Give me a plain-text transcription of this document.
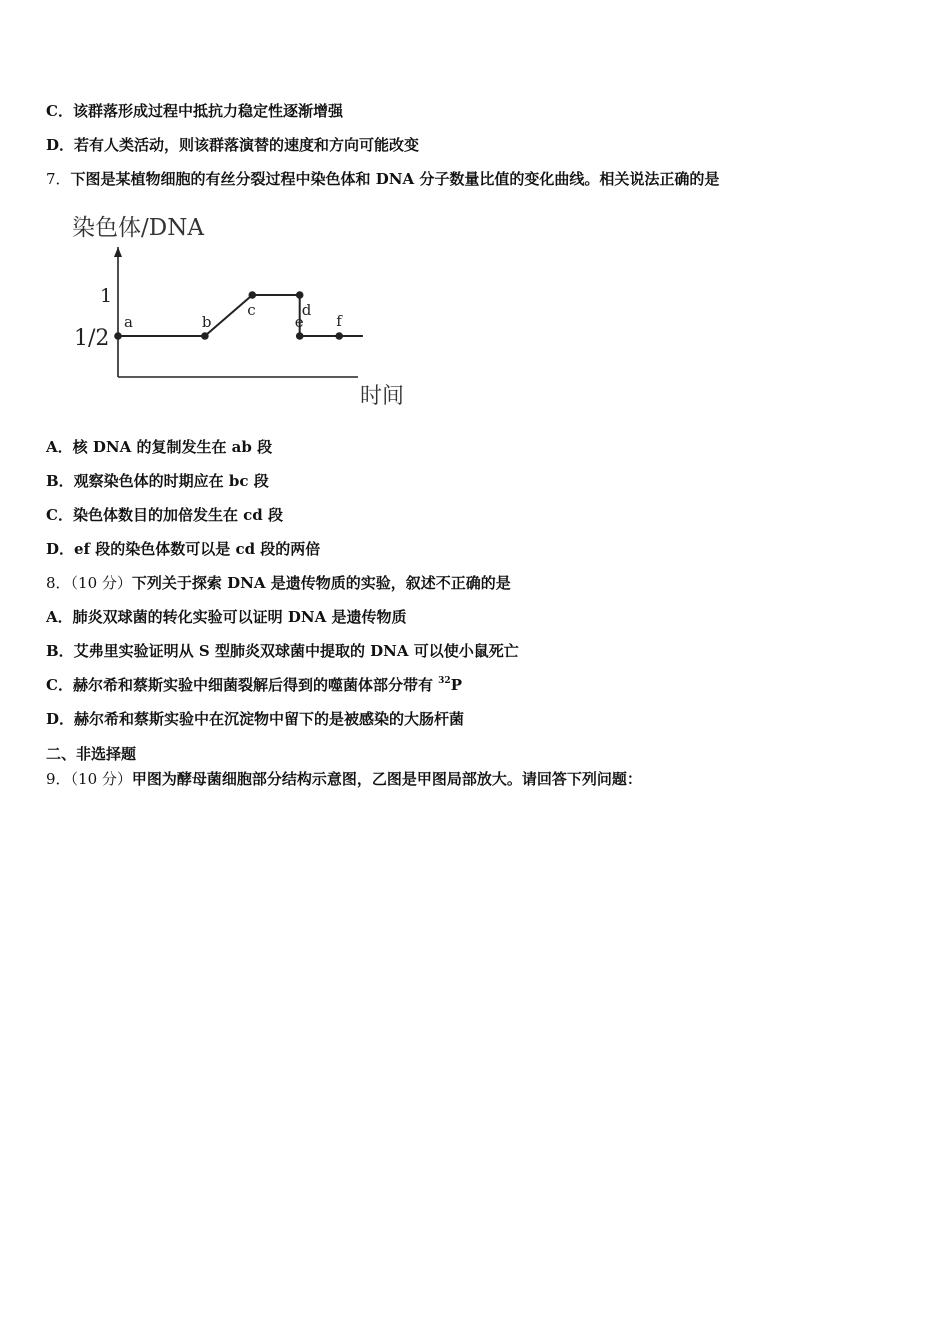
C．该群落形成过程中抵抗力稳定性逐渐增强
D．若有人类活动，则该群落演替的速度和方向可能改变
7．下图是某植物细胞的有丝分裂过程中染色体和 DNA 分子数量比值的变化曲线。相关说法正确的是
染色体/DNA
时间
1
1/2
a	b
c	d
e f
A．核 DNA 的复制发生在 ab 段
B．观察染色体的时期应在 bc 段
C．染色体数目的加倍发生在 cd 段
D．ef 段的染色体数可以是 cd 段的两倍
8．（10 分）下列关于探索 DNA 是遗传物质的实验，叙述不正确的是
A．肺炎双球菌的转化实验可以证明 DNA 是遗传物质
B．艾弗里实验证明从 S 型肺炎双球菌中提取的 DNA 可以使小鼠死亡
C．赫尔希和蔡斯实验中细菌裂解后得到的噬菌体部分带有 $^{32}$P
D．赫尔希和蔡斯实验中在沉淀物中留下的是被感染的大肠杆菌
二、非选择题
9．（10 分）甲图为酵母菌细胞部分结构示意图，乙图是甲图局部放大。请回答下列问题：
